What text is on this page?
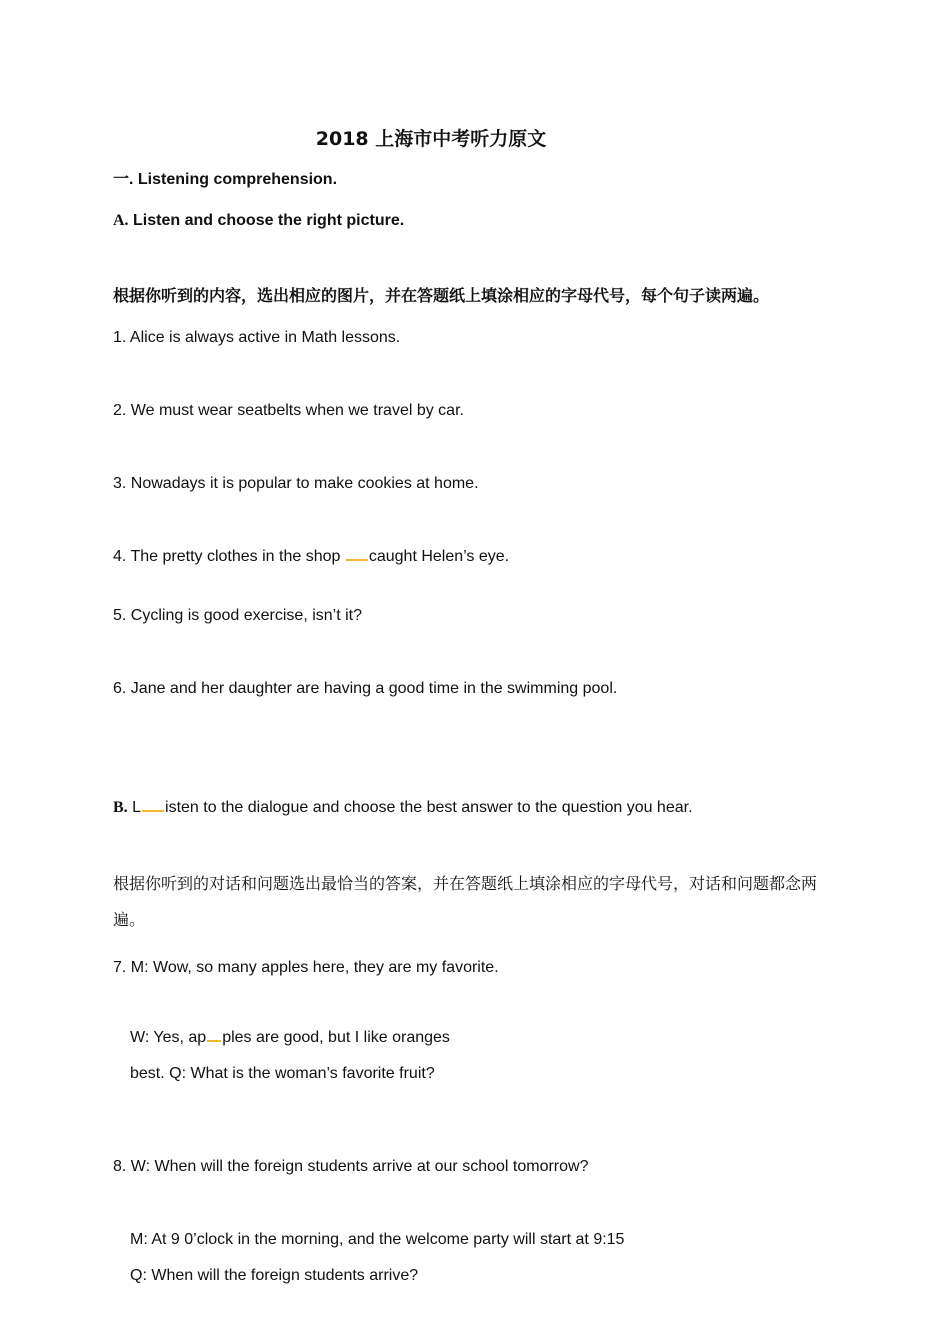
2018 上海市中考听力原文
一. Listening comprehension.
A. Listen and choose the right picture.
根据你听到的内容，选出相应的图片，并在答题纸上填涂相应的字母代号，每个句子读两遍。
1. Alice is always active in Math lessons.
2. We must wear seatbelts when we travel by car.
3. Nowadays it is popular to make cookies at home.
4. The pretty clothes in the shop caught Helen’s eye.
5. Cycling is good exercise, isn’t it?
6. Jane and her daughter are having a good time in the swimming pool.
B. L isten to the dialogue and choose the best answer to the question you hear.
根据你听到的对话和问题选出最恰当的答案，并在答题纸上填涂相应的字母代号，对话和问题都念两
遍。
7. M: Wow, so many apples here, they are my favorite.
W: Yes, ap ples are good, but I like oranges
best. Q: What is the woman’s favorite fruit?
8. W: When will the foreign students arrive at our school tomorrow?
M: At 9 0’clock in the morning, and the welcome party will start at 9:15
Q: When will the foreign students arrive?
